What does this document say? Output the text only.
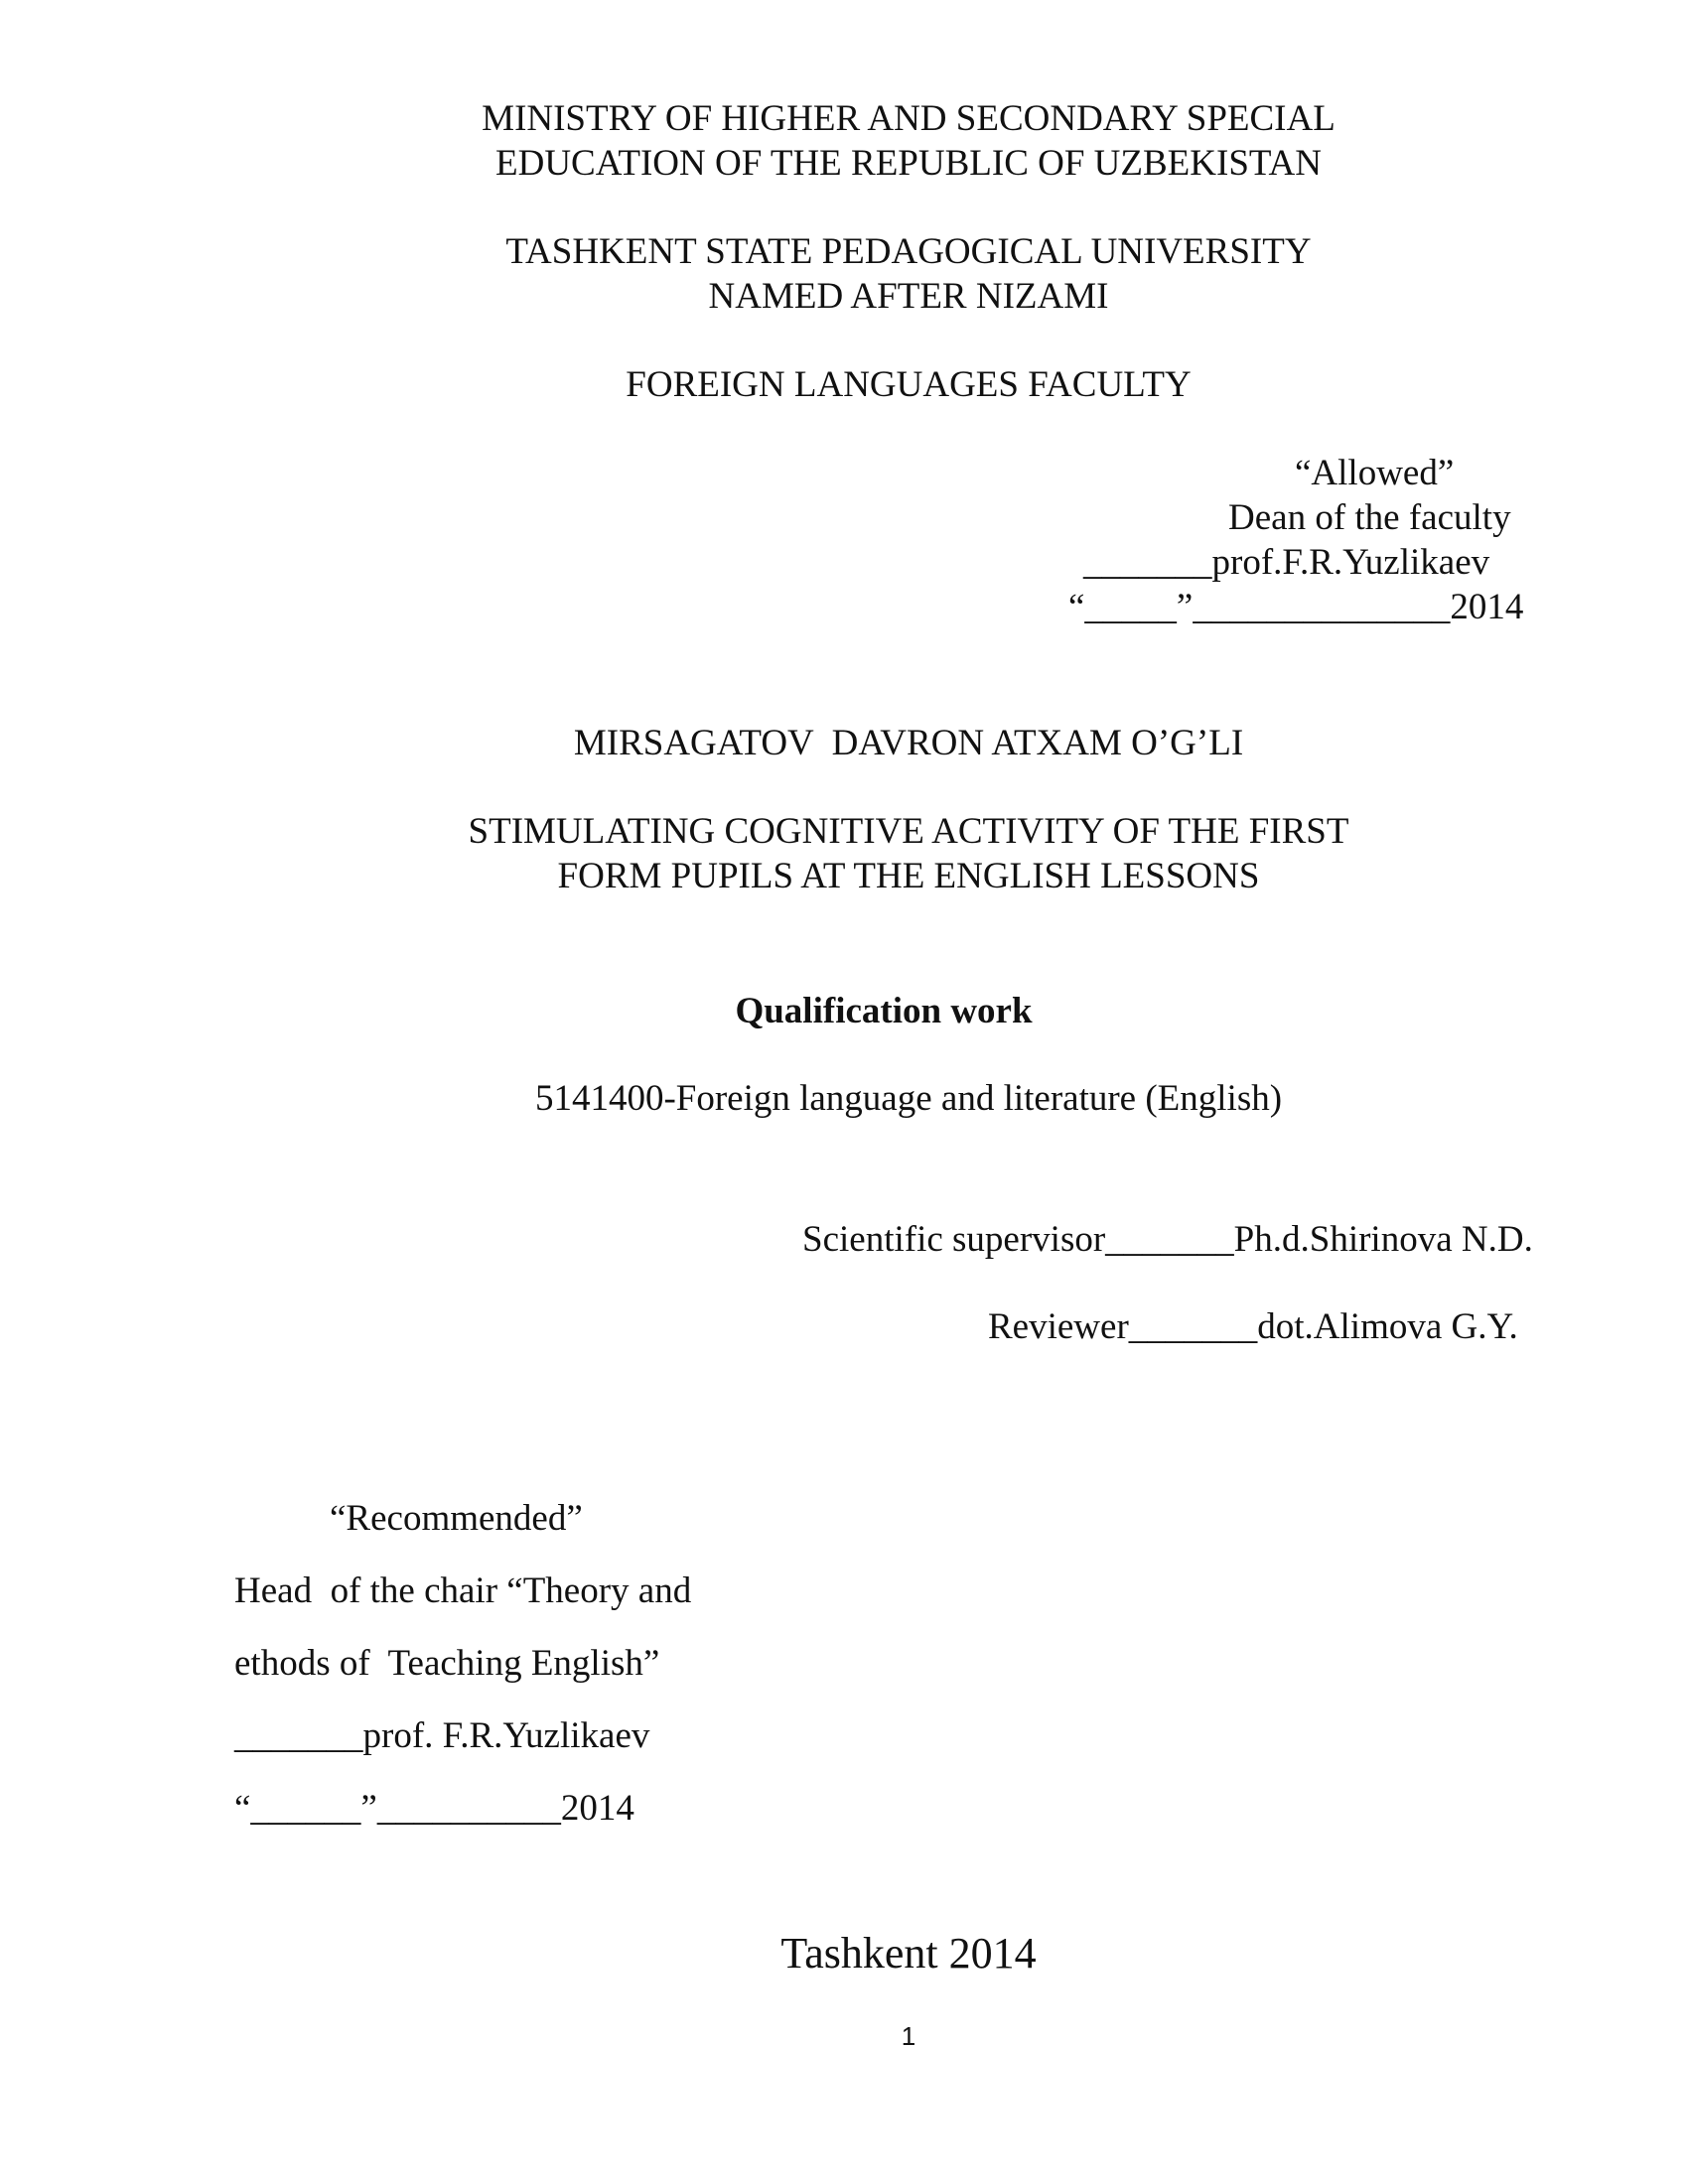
MINISTRY OF HIGHER AND SECONDARY SPECIAL
EDUCATION OF THE REPUBLIC OF UZBEKISTAN
TASHKENT STATE PEDAGOGICAL UNIVERSITY
NAMED AFTER NIZAMI
FOREIGN LANGUAGES FACULTY
“Allowed”
Dean of the faculty
_______prof.F.R.Yuzlikaev
“_____”______________2014
MIRSAGATOV  DAVRON ATXAM O’G’LI
STIMULATING COGNITIVE ACTIVITY OF THE FIRST
FORM PUPILS AT THE ENGLISH LESSONS
Qualification work
5141400-Foreign language and literature (English)
Scientific supervisor_______Ph.d.Shirinova N.D.
Reviewer_______dot.Alimova G.Y.
“Recommended”
Head  of the chair “Theory and
ethods of  Teaching English”
_______prof. F.R.Yuzlikaev
“______”__________2014
Tashkent 2014
1
